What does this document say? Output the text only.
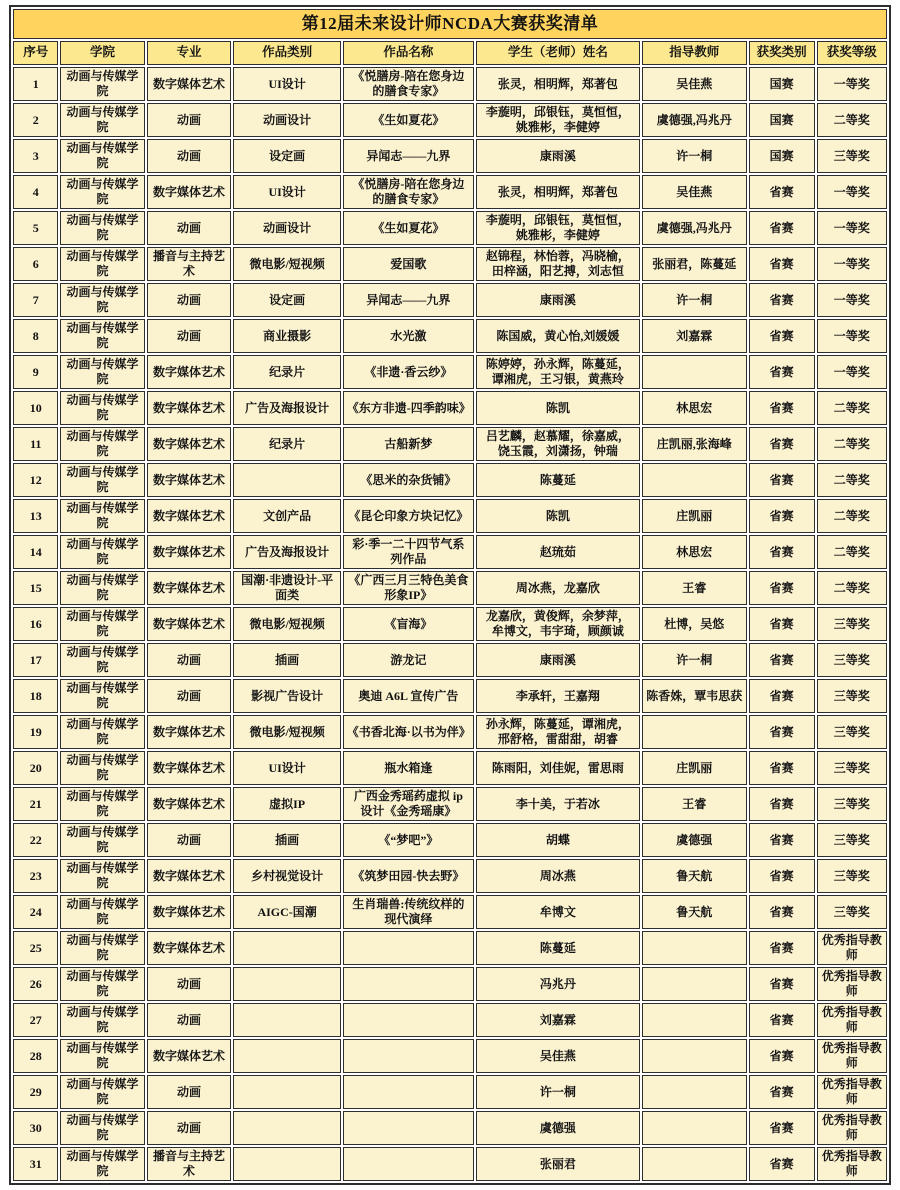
第12届未来设计师NCDA大赛获奖清单								
序号	学院	专业	作品类别	作品名称	学生（老师）姓名	指导教师	获奖类别	获奖等级
1	动画与传媒学院	数字媒体艺术	UI设计	《悦膳房-陪在您身边的膳食专家》	张灵，相明辉，郑著包	吴佳燕	国赛	一等奖
2	动画与传媒学院	动画	动画设计	《生如夏花》	李蔙明，邱银钰，莫恒恒，姚雅彬，李健婷	虞德强,冯兆丹	国赛	二等奖
3	动画与传媒学院	动画	设定画	异闻志——九界	康雨溪	许一桐	国赛	三等奖
4	动画与传媒学院	数字媒体艺术	UI设计	《悦膳房-陪在您身边的膳食专家》	张灵，相明辉，郑著包	吴佳燕	省赛	一等奖
5	动画与传媒学院	动画	动画设计	《生如夏花》	李蔙明，邱银钰，莫恒恒，姚雅彬，李健婷	虞德强,冯兆丹	省赛	一等奖
6	动画与传媒学院	播音与主持艺术	微电影/短视频	爱国歌	赵锦程，林怡蓉，冯晓榆，田梓涵，阳艺搏，刘志恒	张丽君，陈蔓延	省赛	一等奖
7	动画与传媒学院	动画	设定画	异闻志——九界	康雨溪	许一桐	省赛	一等奖
8	动画与传媒学院	动画	商业摄影	水光激	陈国威，黄心怡,刘媛媛	刘嘉霖	省赛	一等奖
9	动画与传媒学院	数字媒体艺术	纪录片	《非遗·香云纱》	陈婷婷，孙永辉，陈蔓延，谭湘虎，王习银，黄燕玲		省赛	一等奖
10	动画与传媒学院	数字媒体艺术	广告及海报设计	《东方非遗-四季韵味》	陈凯	林思宏	省赛	二等奖
11	动画与传媒学院	数字媒体艺术	纪录片	古船新梦	吕艺麟，赵慕耀，徐嘉威，饶玉霞，刘潇扬，钟瑞	庄凯丽,张海峰	省赛	二等奖
12	动画与传媒学院	数字媒体艺术		《思米的杂货铺》	陈蔓延		省赛	二等奖
13	动画与传媒学院	数字媒体艺术	文创产品	《昆仑印象方块记忆》	陈凯	庄凯丽	省赛	二等奖
14	动画与传媒学院	数字媒体艺术	广告及海报设计	彩·季一二十四节气系列作品	赵琉茹	林思宏	省赛	二等奖
15	动画与传媒学院	数字媒体艺术	国潮·非遗设计-平面类	《广西三月三特色美食形象IP》	周冰燕，龙嘉欣	王睿	省赛	二等奖
16	动画与传媒学院	数字媒体艺术	微电影/短视频	《盲海》	龙嘉欣，黄俊辉，余梦萍，牟博文，韦宇琦，顾颜诚	杜博，吴悠	省赛	三等奖
17	动画与传媒学院	动画	插画	游龙记	康雨溪	许一桐	省赛	三等奖
18	动画与传媒学院	动画	影视广告设计	奥迪 A6L 宣传广告	李承轩，王嘉翔	陈香姝，覃韦思获	省赛	三等奖
19	动画与传媒学院	数字媒体艺术	微电影/短视频	《书香北海·以书为伴》	孙永辉，陈蔓延，谭湘虎，邢舒格，雷甜甜，胡睿		省赛	三等奖
20	动画与传媒学院	数字媒体艺术	UI设计	瓶水箱逢	陈雨阳，刘佳妮，雷思雨	庄凯丽	省赛	三等奖
21	动画与传媒学院	数字媒体艺术	虚拟IP	广西金秀瑶药虚拟 ip 设计《金秀瑶康》	李十美，于若冰	王睿	省赛	三等奖
22	动画与传媒学院	动画	插画	《“梦吧”》	胡蝶	虞德强	省赛	三等奖
23	动画与传媒学院	数字媒体艺术	乡村视觉设计	《筑梦田园-快去野》	周冰燕	鲁天航	省赛	三等奖
24	动画与传媒学院	数字媒体艺术	AIGC-国潮	生肖瑞兽:传统纹样的现代演绎	牟博文	鲁天航	省赛	三等奖
25	动画与传媒学院	数字媒体艺术			陈蔓延		省赛	优秀指导教师
26	动画与传媒学院	动画			冯兆丹		省赛	优秀指导教师
27	动画与传媒学院	动画			刘嘉霖		省赛	优秀指导教师
28	动画与传媒学院	数字媒体艺术			吴佳燕		省赛	优秀指导教师
29	动画与传媒学院	动画			许一桐		省赛	优秀指导教师
30	动画与传媒学院	动画			虞德强		省赛	优秀指导教师
31	动画与传媒学院	播音与主持艺术			张丽君		省赛	优秀指导教师
